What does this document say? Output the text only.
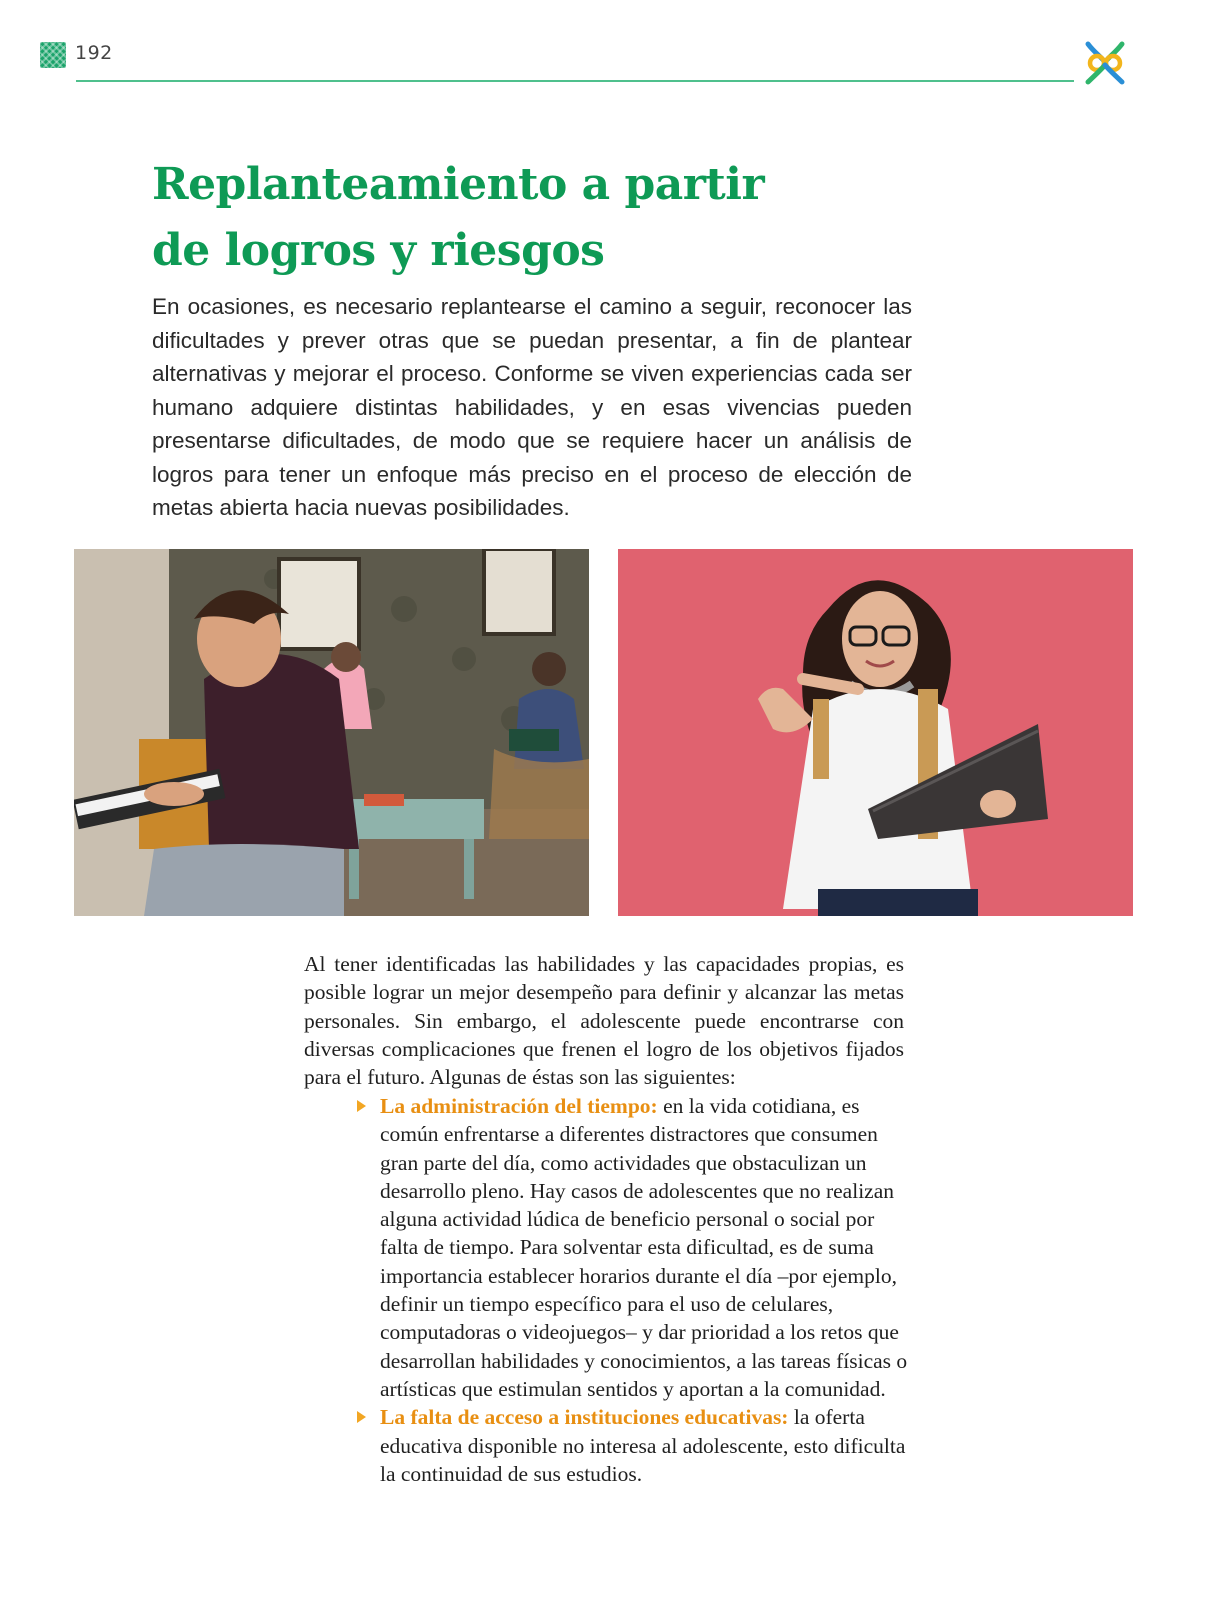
192
Replanteamiento a partir
de logros y riesgos

En ocasiones, es necesario replantearse el camino a seguir, reconocer las dificultades y prever otras que se puedan presentar, a fin de plantear alternativas y mejorar el proceso. Conforme se viven experiencias cada ser humano adquiere distintas habilidades, y en esas vivencias pueden presentarse dificultades, de modo que se requiere hacer un análisis de logros para tener un enfoque más preciso en el proceso de elección de metas abierta hacia nuevas posibilidades.

Al tener identificadas las habilidades y las capacidades propias, es posible lograr un mejor desempeño para definir y alcanzar las metas personales. Sin embargo, el adolescente puede encontrarse con diversas complicaciones que frenen el logro de los objetivos fijados para el futuro. Algunas de éstas son las siguientes:

La administración del tiempo: en la vida cotidiana, es común enfrentarse a diferentes distractores que consumen gran parte del día, como actividades que obstaculizan un desarrollo pleno. Hay casos de adolescentes que no realizan alguna actividad lúdica de beneficio personal o social por falta de tiempo. Para solventar esta dificultad, es de suma importancia establecer horarios durante el día –por ejemplo, definir un tiempo específico para el uso de celulares, computadoras o videojuegos– y dar prioridad a los retos que desarrollan habilidades y conocimientos, a las tareas físicas o artísticas que estimulan sentidos y aportan a la comunidad.
La falta de acceso a instituciones educativas: la oferta educativa disponible no interesa al adolescente, esto dificulta la continuidad de sus estudios.
